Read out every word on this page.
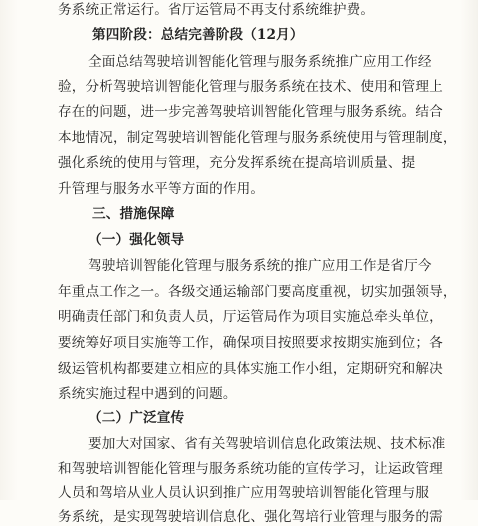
务系统正常运行。省厅运管局不再支付系统维护费。
第四阶段：总结完善阶段（12月）
全面总结驾驶培训智能化管理与服务系统推广应用工作经
验，分析驾驶培训智能化管理与服务系统在技术、使用和管理上
存在的问题，进一步完善驾驶培训智能化管理与服务系统。结合
本地情况，制定驾驶培训智能化管理与服务系统使用与管理制度，
强化系统的使用与管理，充分发挥系统在提高培训质量、提
升管理与服务水平等方面的作用。
三、措施保障
（一）强化领导
驾驶培训智能化管理与服务系统的推广应用工作是省厅今
年重点工作之一。各级交通运输部门要高度重视，切实加强领导，
明确责任部门和负责人员，厅运管局作为项目实施总牵头单位，
要统筹好项目实施等工作，确保项目按照要求按期实施到位；各
级运管机构都要建立相应的具体实施工作小组，定期研究和解决
系统实施过程中遇到的问题。
（二）广泛宣传
要加大对国家、省有关驾驶培训信息化政策法规、技术标准
和驾驶培训智能化管理与服务系统功能的宣传学习，让运政管理
人员和驾培从业人员认识到推广应用驾驶培训智能化管理与服
务系统，是实现驾驶培训信息化、强化驾培行业管理与服务的需
